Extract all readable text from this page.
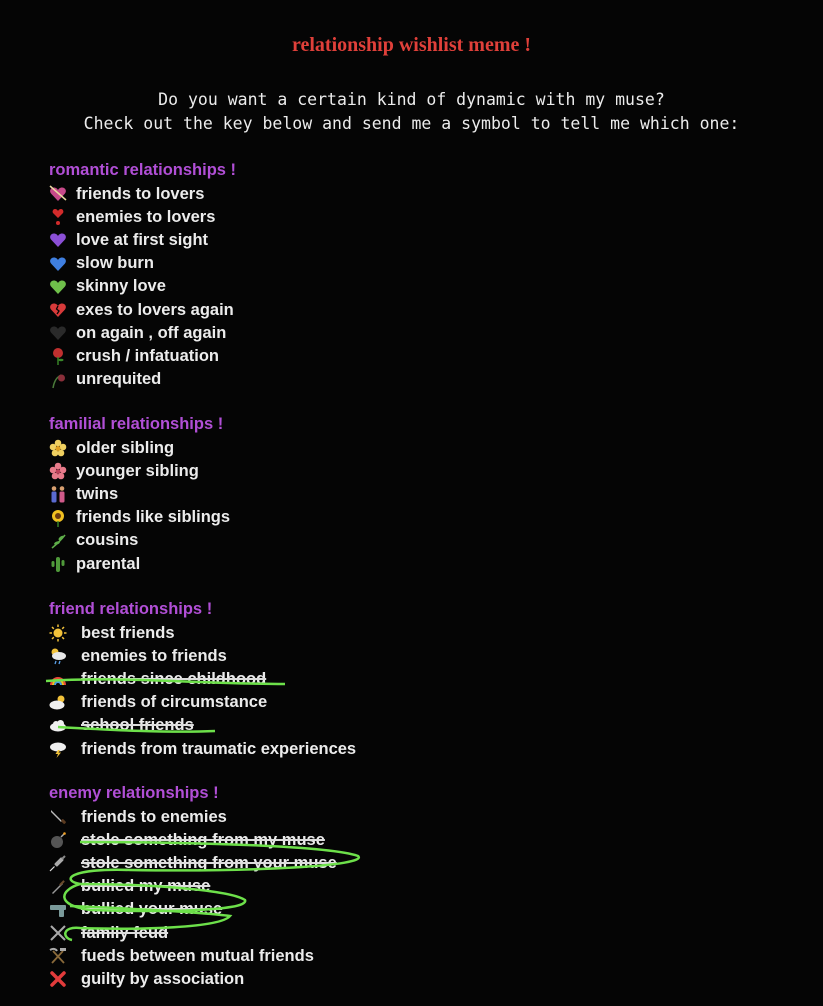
relationship wishlist meme !
Do you want a certain kind of dynamic with my muse?
Check out the key below and send me a symbol to tell me which one:
romantic relationships !
friends to lovers
enemies to lovers
love at first sight
slow burn
skinny love
exes to lovers again
on again , off again
crush / infatuation
unrequited
familial relationships !
older sibling
younger sibling
twins
friends like siblings
cousins
parental
friend relationships !
best friends
enemies to friends
friends since childhood
friends of circumstance
school friends
friends from traumatic experiences
enemy relationships !
friends to enemies
stole something from my muse
stole something from your muse
bullied my muse
bullied your muse
family feud
fueds between mutual friends
guilty by association
